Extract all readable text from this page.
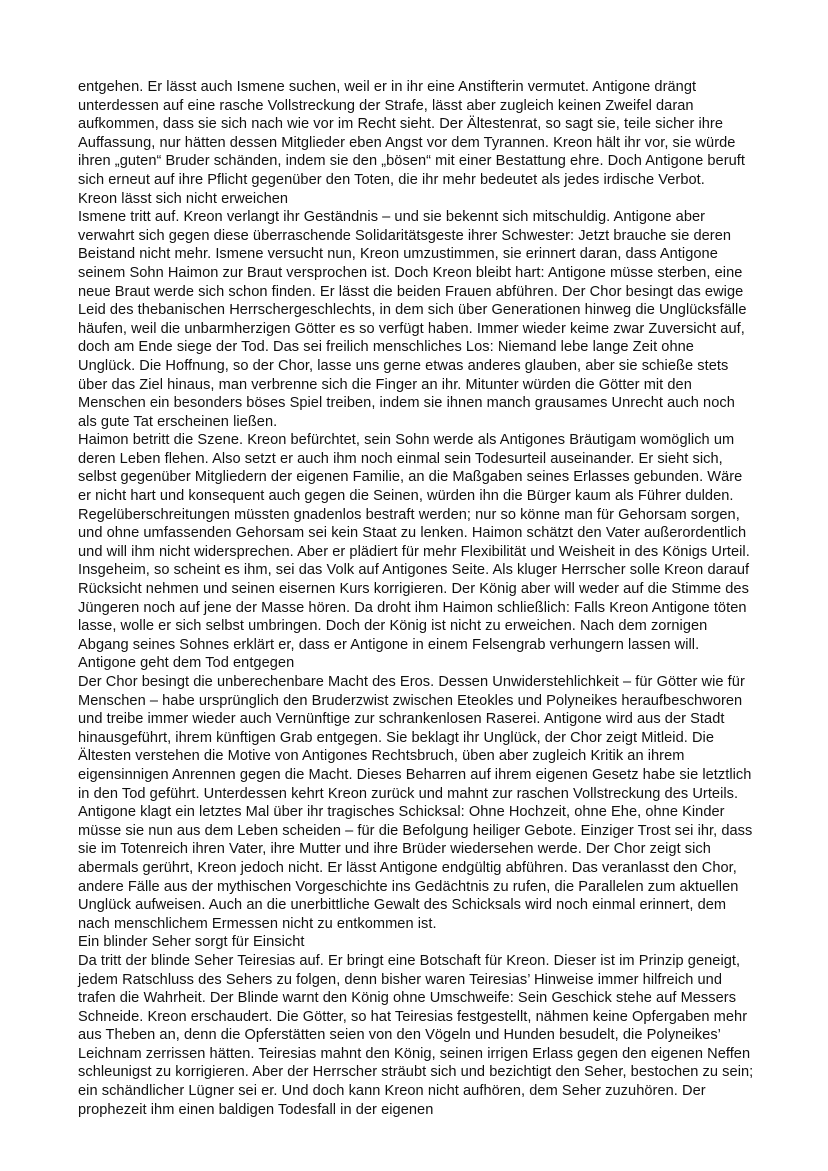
entgehen. Er lässt auch Ismene suchen, weil er in ihr eine Anstifterin vermutet. Antigone drängt unterdessen auf eine rasche Vollstreckung der Strafe, lässt aber zugleich keinen Zweifel daran aufkommen, dass sie sich nach wie vor im Recht sieht. Der Ältestenrat, so sagt sie, teile sicher ihre Auffassung, nur hätten dessen Mitglieder eben Angst vor dem Tyrannen. Kreon hält ihr vor, sie würde ihren „guten“ Bruder schänden, indem sie den „bösen“ mit einer Bestattung ehre. Doch Antigone beruft sich erneut auf ihre Pflicht gegenüber den Toten, die ihr mehr bedeutet als jedes irdische Verbot.

Kreon lässt sich nicht erweichen

Ismene tritt auf. Kreon verlangt ihr Geständnis – und sie bekennt sich mitschuldig. Antigone aber verwahrt sich gegen diese überraschende Solidaritätsgeste ihrer Schwester: Jetzt brauche sie deren Beistand nicht mehr. Ismene versucht nun, Kreon umzustimmen, sie erinnert daran, dass Antigone seinem Sohn Haimon zur Braut versprochen ist. Doch Kreon bleibt hart: Antigone müsse sterben, eine neue Braut werde sich schon finden. Er lässt die beiden Frauen abführen. Der Chor besingt das ewige Leid des thebanischen Herrschergeschlechts, in dem sich über Generationen hinweg die Unglücksfälle häufen, weil die unbarmherzigen Götter es so verfügt haben. Immer wieder keime zwar Zuversicht auf, doch am Ende siege der Tod. Das sei freilich menschliches Los: Niemand lebe lange Zeit ohne Unglück. Die Hoffnung, so der Chor, lasse uns gerne etwas anderes glauben, aber sie schieße stets über das Ziel hinaus, man verbrenne sich die Finger an ihr. Mitunter würden die Götter mit den Menschen ein besonders böses Spiel treiben, indem sie ihnen manch grausames Unrecht auch noch als gute Tat erscheinen ließen.

Haimon betritt die Szene. Kreon befürchtet, sein Sohn werde als Antigones Bräutigam womöglich um deren Leben flehen. Also setzt er auch ihm noch einmal sein Todesurteil auseinander. Er sieht sich, selbst gegenüber Mitgliedern der eigenen Familie, an die Maßgaben seines Erlasses gebunden. Wäre er nicht hart und konsequent auch gegen die Seinen, würden ihn die Bürger kaum als Führer dulden. Regelüberschreitungen müssten gnadenlos bestraft werden; nur so könne man für Gehorsam sorgen, und ohne umfassenden Gehorsam sei kein Staat zu lenken. Haimon schätzt den Vater außerordentlich und will ihm nicht widersprechen. Aber er plädiert für mehr Flexibilität und Weisheit in des Königs Urteil. Insgeheim, so scheint es ihm, sei das Volk auf Antigones Seite. Als kluger Herrscher solle Kreon darauf Rücksicht nehmen und seinen eisernen Kurs korrigieren. Der König aber will weder auf die Stimme des Jüngeren noch auf jene der Masse hören. Da droht ihm Haimon schließlich: Falls Kreon Antigone töten lasse, wolle er sich selbst umbringen. Doch der König ist nicht zu erweichen. Nach dem zornigen Abgang seines Sohnes erklärt er, dass er Antigone in einem Felsengrab verhungern lassen will.

Antigone geht dem Tod entgegen

Der Chor besingt die unberechenbare Macht des Eros. Dessen Unwiderstehlichkeit – für Götter wie für Menschen – habe ursprünglich den Bruderzwist zwischen Eteokles und Polyneikes heraufbeschworen und treibe immer wieder auch Vernünftige zur schrankenlosen Raserei. Antigone wird aus der Stadt hinausgeführt, ihrem künftigen Grab entgegen. Sie beklagt ihr Unglück, der Chor zeigt Mitleid. Die Ältesten verstehen die Motive von Antigones Rechtsbruch, üben aber zugleich Kritik an ihrem eigensinnigen Anrennen gegen die Macht. Dieses Beharren auf ihrem eigenen Gesetz habe sie letztlich in den Tod geführt. Unterdessen kehrt Kreon zurück und mahnt zur raschen Vollstreckung des Urteils. Antigone klagt ein letztes Mal über ihr tragisches Schicksal: Ohne Hochzeit, ohne Ehe, ohne Kinder müsse sie nun aus dem Leben scheiden – für die Befolgung heiliger Gebote. Einziger Trost sei ihr, dass sie im Totenreich ihren Vater, ihre Mutter und ihre Brüder wiedersehen werde. Der Chor zeigt sich abermals gerührt, Kreon jedoch nicht. Er lässt Antigone endgültig abführen. Das veranlasst den Chor, andere Fälle aus der mythischen Vorgeschichte ins Gedächtnis zu rufen, die Parallelen zum aktuellen Unglück aufweisen. Auch an die unerbittliche Gewalt des Schicksals wird noch einmal erinnert, dem nach menschlichem Ermessen nicht zu entkommen ist.

Ein blinder Seher sorgt für Einsicht

Da tritt der blinde Seher Teiresias auf. Er bringt eine Botschaft für Kreon. Dieser ist im Prinzip geneigt, jedem Ratschluss des Sehers zu folgen, denn bisher waren Teiresias’ Hinweise immer hilfreich und trafen die Wahrheit. Der Blinde warnt den König ohne Umschweife: Sein Geschick stehe auf Messers Schneide. Kreon erschaudert. Die Götter, so hat Teiresias festgestellt, nähmen keine Opfergaben mehr aus Theben an, denn die Opferstätten seien von den Vögeln und Hunden besudelt, die Polyneikes’ Leichnam zerrissen hätten. Teiresias mahnt den König, seinen irrigen Erlass gegen den eigenen Neffen schleunigst zu korrigieren. Aber der Herrscher sträubt sich und bezichtigt den Seher, bestochen zu sein; ein schändlicher Lügner sei er. Und doch kann Kreon nicht aufhören, dem Seher zuzuhören. Der prophezeit ihm einen baldigen Todesfall in der eigenen
